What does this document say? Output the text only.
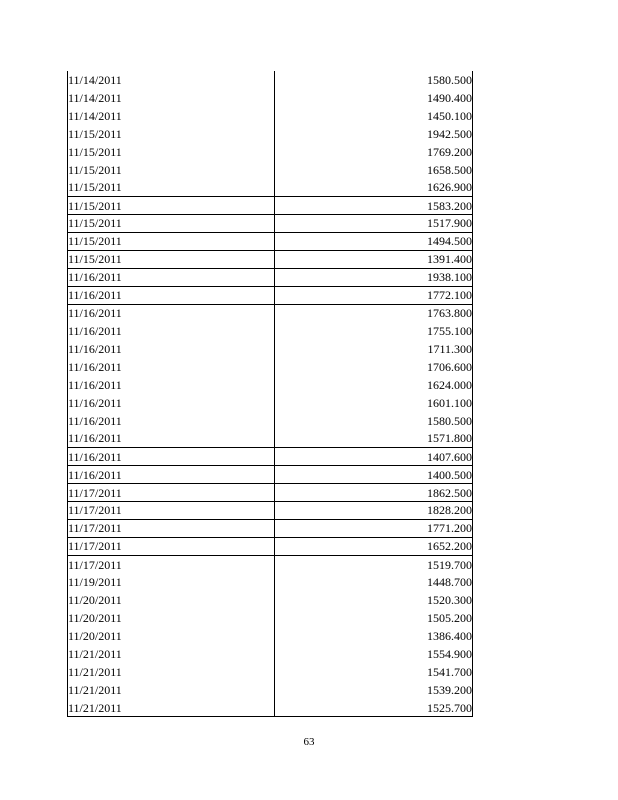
11/14/2011		1580.500
11/14/2011		1490.400
11/14/2011		1450.100
11/15/2011		1942.500
11/15/2011		1769.200
11/15/2011		1658.500
11/15/2011		1626.900
11/15/2011		1583.200
11/15/2011		1517.900
11/15/2011		1494.500
11/15/2011		1391.400
11/16/2011		1938.100
11/16/2011		1772.100
11/16/2011		1763.800
11/16/2011		1755.100
11/16/2011		1711.300
11/16/2011		1706.600
11/16/2011		1624.000
11/16/2011		1601.100
11/16/2011		1580.500
11/16/2011		1571.800
11/16/2011		1407.600
11/16/2011		1400.500
11/17/2011		1862.500
11/17/2011		1828.200
11/17/2011		1771.200
11/17/2011		1652.200
11/17/2011		1519.700
11/19/2011		1448.700
11/20/2011		1520.300
11/20/2011		1505.200
11/20/2011		1386.400
11/21/2011		1554.900
11/21/2011		1541.700
11/21/2011		1539.200
11/21/2011		1525.700
63
